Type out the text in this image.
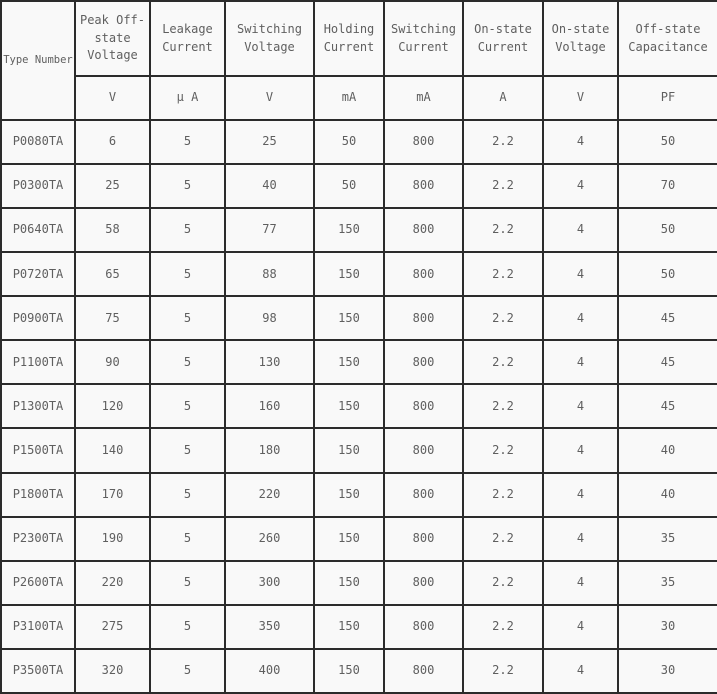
Type Number	Peak Off-state Voltage	Leakage Current	Switching Voltage	Holding Current	Switching Current	On-state Current	On-state Voltage	Off-state Capacitance
	V	μ A	V	mA	mA	A	V	PF
P0080TA	6	5	25	50	800	2.2	4	50
P0300TA	25	5	40	50	800	2.2	4	70
P0640TA	58	5	77	150	800	2.2	4	50
P0720TA	65	5	88	150	800	2.2	4	50
P0900TA	75	5	98	150	800	2.2	4	45
P1100TA	90	5	130	150	800	2.2	4	45
P1300TA	120	5	160	150	800	2.2	4	45
P1500TA	140	5	180	150	800	2.2	4	40
P1800TA	170	5	220	150	800	2.2	4	40
P2300TA	190	5	260	150	800	2.2	4	35
P2600TA	220	5	300	150	800	2.2	4	35
P3100TA	275	5	350	150	800	2.2	4	30
P3500TA	320	5	400	150	800	2.2	4	30
